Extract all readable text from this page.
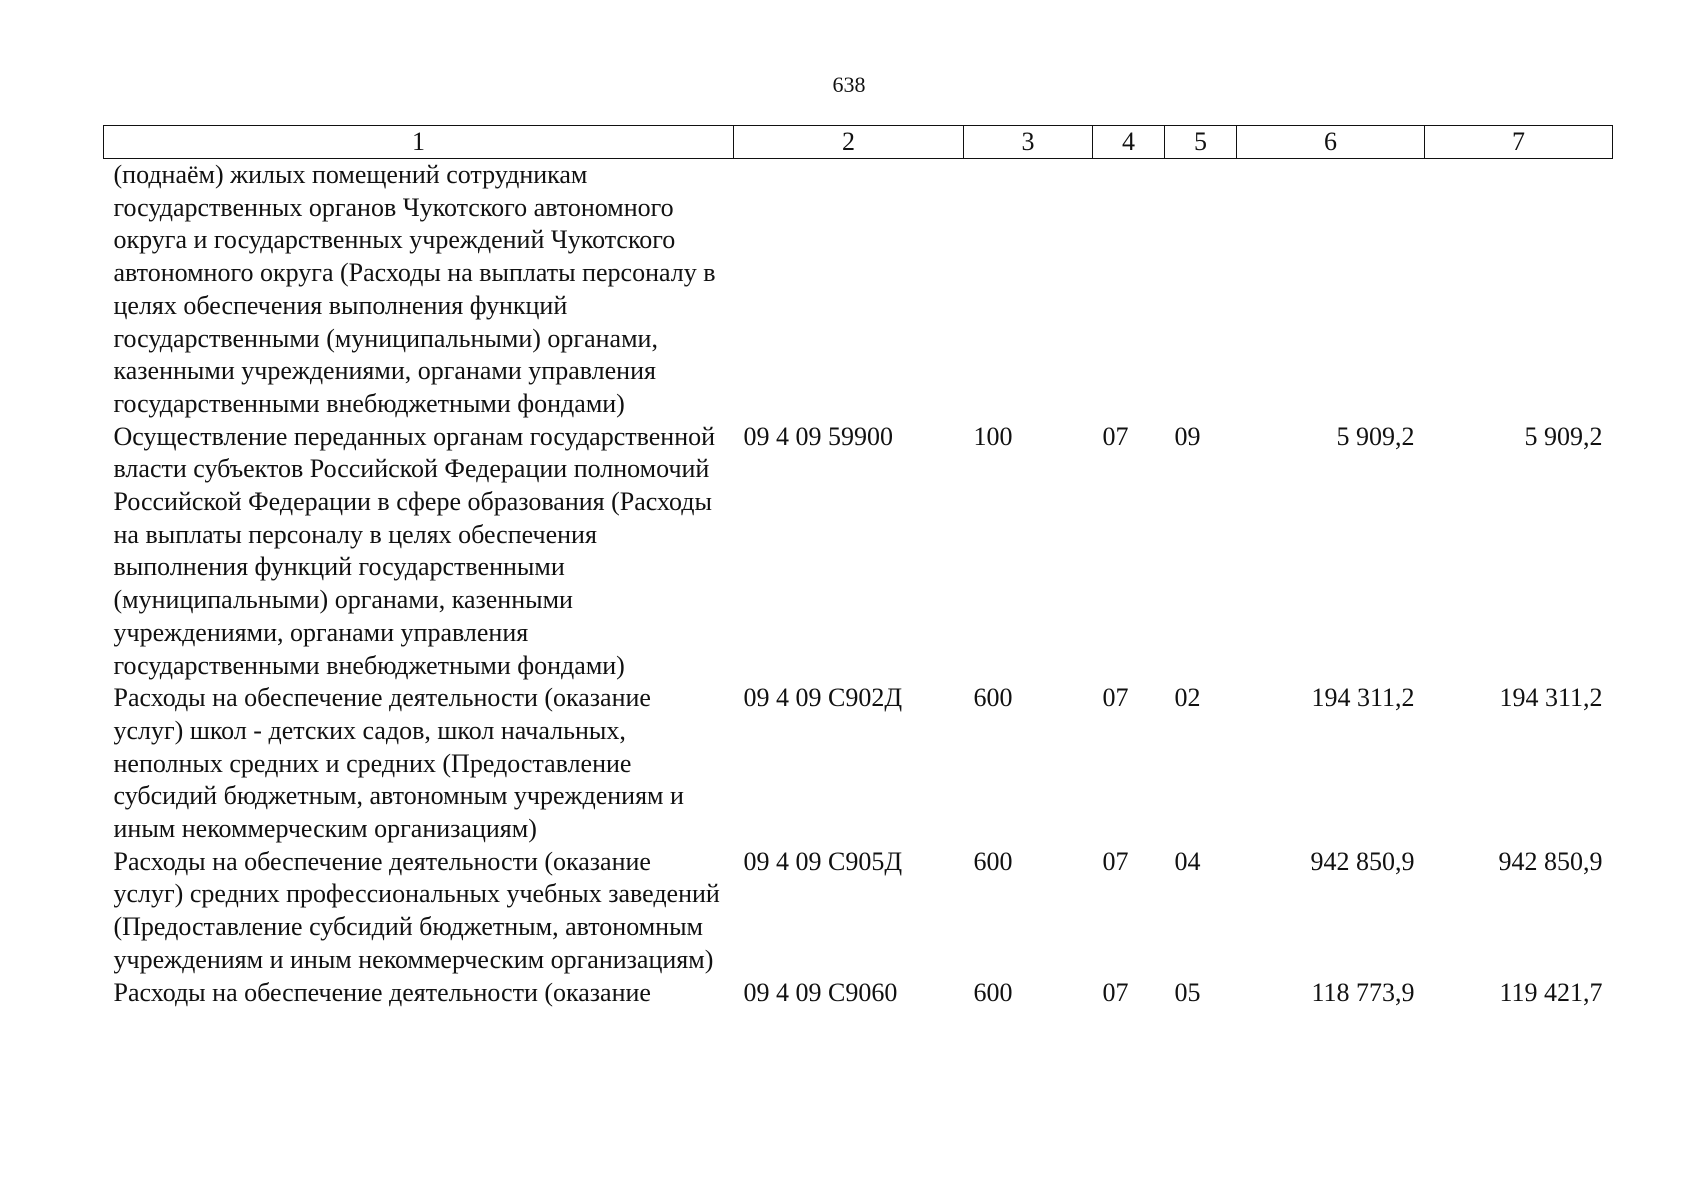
638
1	2	3	4	5	6	7
(поднаём) жилых помещений сотрудникам государственных органов Чукотского автономного округа и государственных учреждений Чукотского автономного округа (Расходы на выплаты персоналу в целях обеспечения выполнения функций государственными (муниципальными) органами, казенными учреждениями, органами управления государственными внебюджетными фондами)						
Осуществление переданных органам государственной власти субъектов Российской Федерации полномочий Российской Федерации в сфере образования (Расходы на выплаты персоналу в целях обеспечения выполнения функций государственными (муниципальными) органами, казенными учреждениями, органами управления государственными внебюджетными фондами)	09 4 09 59900	100	07	09	5 909,2	5 909,2
Расходы на обеспечение деятельности (оказание услуг) школ - детских садов, школ начальных, неполных средних и средних (Предоставление субсидий бюджетным, автономным учреждениям и иным некоммерческим организациям)	09 4 09 С902Д	600	07	02	194 311,2	194 311,2
Расходы на обеспечение деятельности (оказание услуг) средних профессиональных учебных заведений (Предоставление субсидий бюджетным, автономным учреждениям и иным некоммерческим организациям)	09 4 09 С905Д	600	07	04	942 850,9	942 850,9
Расходы на обеспечение деятельности (оказание	09 4 09 С9060	600	07	05	118 773,9	119 421,7
